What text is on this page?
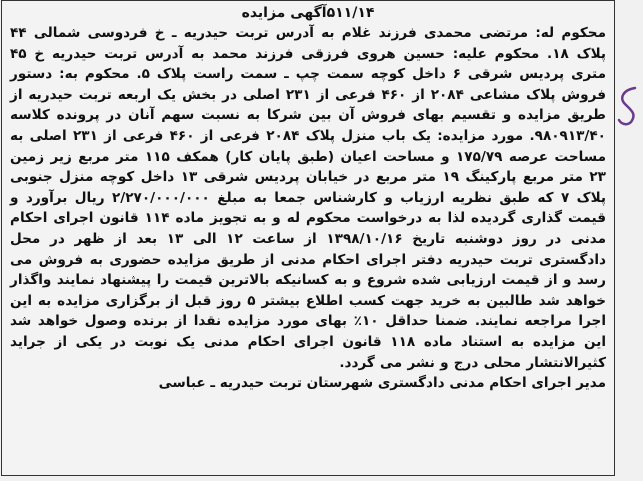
۵۱۱/۱۴آگهی مزایده

محکوم له: مرتضی محمدی فرزند غلام به آدرس تربت حیدریه ـ خ فردوسی شمالی ۴۴ پلاک ۱۸. محکوم علیه: حسین هروی فرزقی فرزند محمد به آدرس تربت حیدریه خ ۴۵ متری پردیس شرقی ۶ داخل کوچه سمت چپ ـ سمت راست پلاک ۵. محکوم به: دستور فروش پلاک مشاعی ۲۰۸۴ از ۴۶۰ فرعی از ۲۳۱ اصلی در بخش یک اربعه تربت حیدریه از طریق مزایده و تقسیم بهای فروش آن بین شرکا به نسبت سهم آنان در پرونده کلاسه ۹۸۰۹۱۳/۴۰. مورد مزایده: یک باب منزل پلاک ۲۰۸۴ فرعی از ۴۶۰ فرعی از ۲۳۱ اصلی به مساحت عرصه ۱۷۵/۷۹ و مساحت اعیان (طبق پایان کار) همکف ۱۱۵ متر مربع زیر زمین ۲۳ متر مربع پارکینگ ۱۹ متر مربع در خیابان پردیس شرقی ۱۳ داخل کوچه منزل جنوبی پلاک ۷ که طبق نظریه ارزیاب و کارشناس جمعا به مبلغ ۲/۲۷۰/۰۰۰/۰۰۰ ریال برآورد و قیمت گذاری گردیده لذا به درخواست محکوم له و به تجویز ماده ۱۱۴ قانون اجرای احکام مدنی در روز دوشنبه تاریخ ۱۳۹۸/۱۰/۱۶ از ساعت ۱۲ الی ۱۳ بعد از ظهر در محل دادگستری تربت حیدریه دفتر اجرای احکام مدنی از طریق مزایده حضوری به فروش می رسد و از قیمت ارزیابی شده شروع و به کسانیکه بالاترین قیمت را پیشنهاد نمایند واگذار خواهد شد طالبین به خرید جهت کسب اطلاع بیشتر ۵ روز قبل از برگزاری مزایده به این اجرا مراجعه نمایند. ضمنا حداقل ۱۰٪ بهای مورد مزایده نقدا از برنده وصول خواهد شد این مزایده به استناد ماده ۱۱۸ قانون اجرای احکام مدنی یک نوبت در یکی از جراید کثیرالانتشار محلی درج و نشر می گردد.

مدیر اجرای احکام مدنی دادگستری شهرستان تربت حیدریه ـ عباسی
